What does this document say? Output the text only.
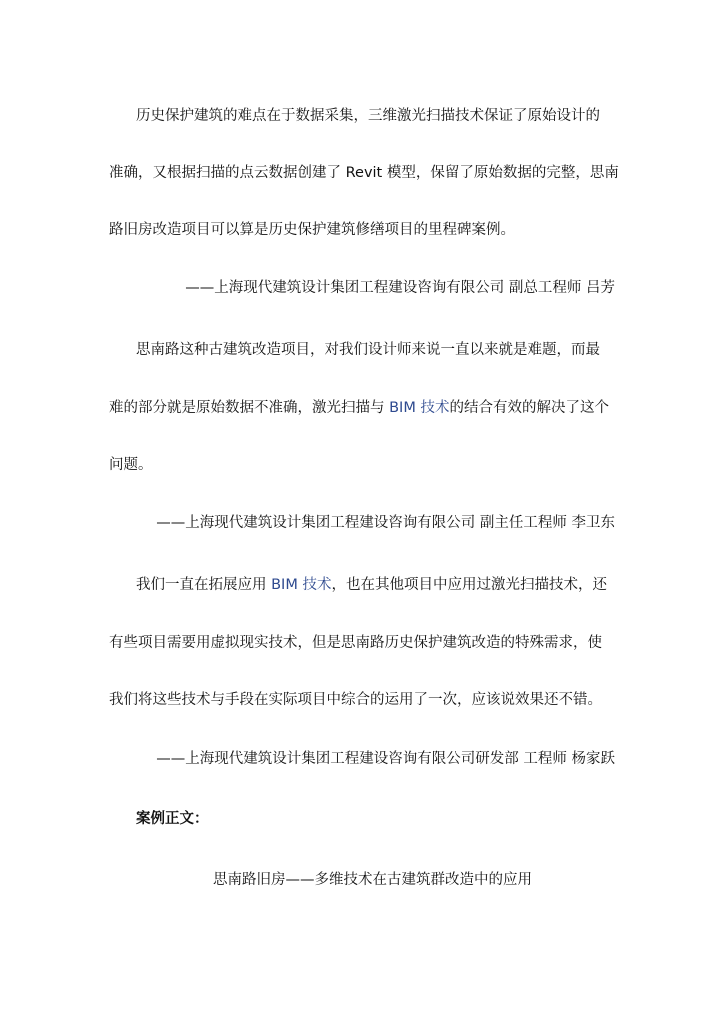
历史保护建筑的难点在于数据采集，三维激光扫描技术保证了原始设计的
准确，又根据扫描的点云数据创建了 Revit 模型，保留了原始数据的完整，思南
路旧房改造项目可以算是历史保护建筑修缮项目的里程碑案例。
——上海现代建筑设计集团工程建设咨询有限公司 副总工程师 吕芳
思南路这种古建筑改造项目，对我们设计师来说一直以来就是难题，而最
难的部分就是原始数据不准确，激光扫描与 BIM 技术的结合有效的解决了这个
问题。
——上海现代建筑设计集团工程建设咨询有限公司 副主任工程师 李卫东
我们一直在拓展应用 BIM 技术，也在其他项目中应用过激光扫描技术，还
有些项目需要用虚拟现实技术，但是思南路历史保护建筑改造的特殊需求，使
我们将这些技术与手段在实际项目中综合的运用了一次，应该说效果还不错。
——上海现代建筑设计集团工程建设咨询有限公司研发部 工程师 杨家跃
案例正文：
思南路旧房——多维技术在古建筑群改造中的应用
